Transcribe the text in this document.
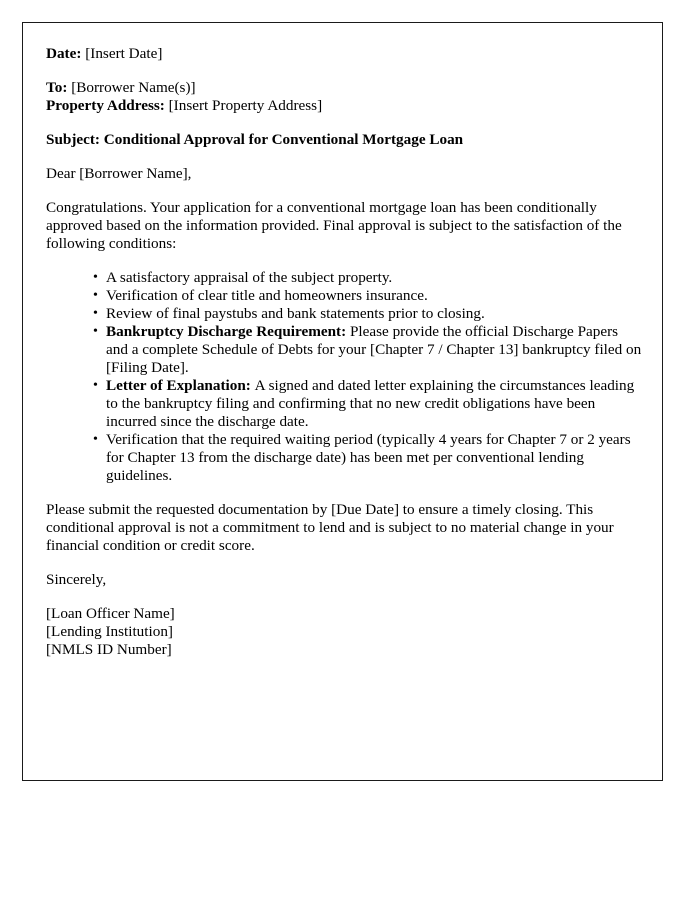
Date: [Insert Date]
To: [Borrower Name(s)]
Property Address: [Insert Property Address]
Subject: Conditional Approval for Conventional Mortgage Loan
Dear [Borrower Name],
Congratulations. Your application for a conventional mortgage loan has been conditionally approved based on the information provided. Final approval is subject to the satisfaction of the following conditions:
• A satisfactory appraisal of the subject property.
• Verification of clear title and homeowners insurance.
• Review of final paystubs and bank statements prior to closing.
• Bankruptcy Discharge Requirement: Please provide the official Discharge Papers and a complete Schedule of Debts for your [Chapter 7 / Chapter 13] bankruptcy filed on [Filing Date].
• Letter of Explanation: A signed and dated letter explaining the circumstances leading to the bankruptcy filing and confirming that no new credit obligations have been incurred since the discharge date.
• Verification that the required waiting period (typically 4 years for Chapter 7 or 2 years for Chapter 13 from the discharge date) has been met per conventional lending guidelines.
Please submit the requested documentation by [Due Date] to ensure a timely closing. This conditional approval is not a commitment to lend and is subject to no material change in your financial condition or credit score.
Sincerely,
[Loan Officer Name]
[Lending Institution]
[NMLS ID Number]
